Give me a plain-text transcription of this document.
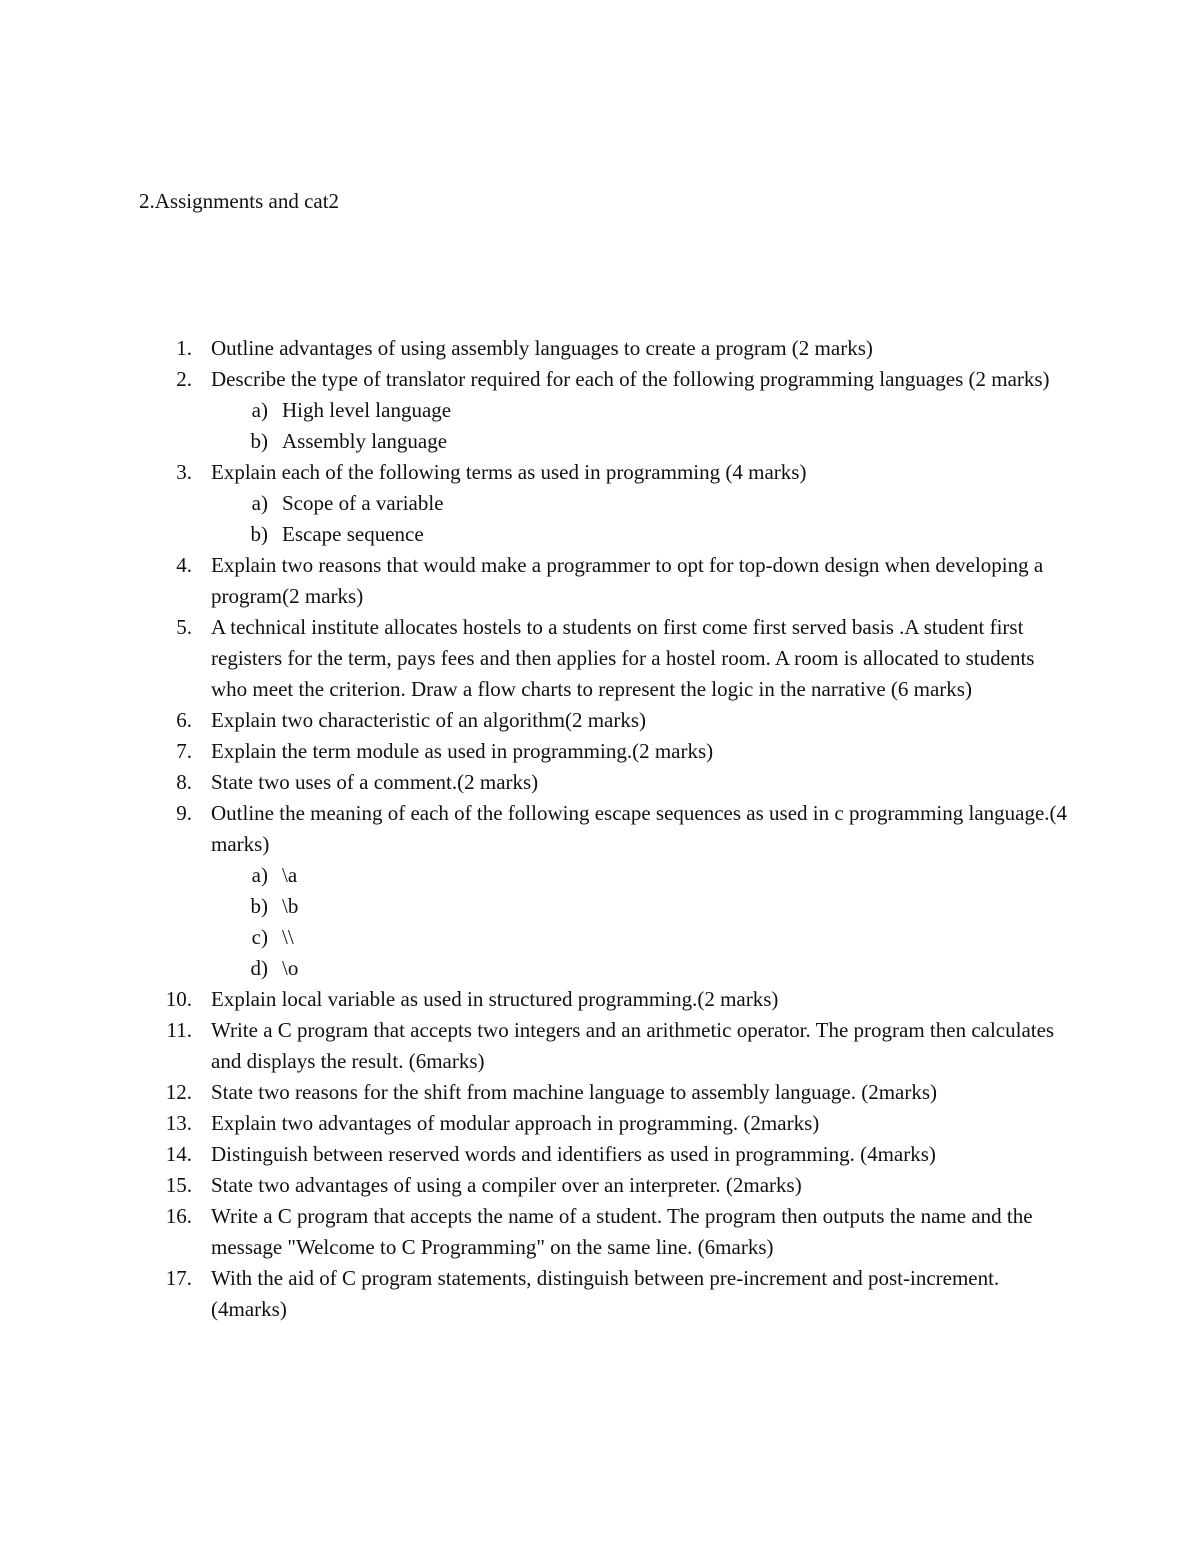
2.Assignments and cat2
1. Outline advantages of using assembly languages to create a program (2 marks)
2. Describe the type of translator required for each of the following programming languages (2 marks)
a) High level language
b) Assembly language
3. Explain each of the following terms as used in programming (4 marks)
a) Scope of a variable
b) Escape sequence
4. Explain two reasons that would make a programmer to opt for top-down design when developing a program(2 marks)
5. A technical institute allocates hostels to a students on first come first served basis .A student first registers for the term, pays fees and then applies for a hostel room. A room is allocated to students who meet the criterion. Draw a flow charts to represent the logic in the narrative (6 marks)
6. Explain two characteristic of an algorithm(2 marks)
7. Explain the term module as used in programming.(2 marks)
8. State two uses of a comment.(2 marks)
9. Outline the meaning of each of the following escape sequences as used in c programming language.(4 marks)
a) \a
b) \b
c) \\
d) \o
10. Explain local variable as used in structured programming.(2 marks)
11. Write a C program that accepts two integers and an arithmetic operator. The program then calculates and displays the result. (6marks)
12. State two reasons for the shift from machine language to assembly language. (2marks)
13. Explain two advantages of modular approach in programming. (2marks)
14. Distinguish between reserved words and identifiers as used in programming. (4marks)
15. State two advantages of using a compiler over an interpreter. (2marks)
16. Write a C program that accepts the name of a student. The program then outputs the name and the message "Welcome to C Programming" on the same line. (6marks)
17. With the aid of C program statements, distinguish between pre-increment and post-increment. (4marks)
